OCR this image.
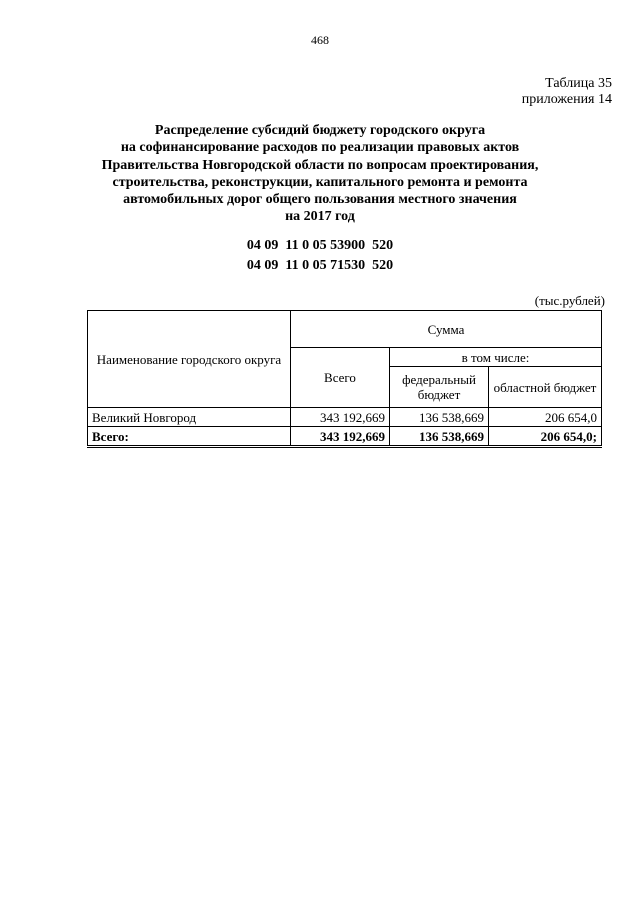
468
Таблица 35
приложения 14
Распределение субсидий бюджету городского округа
на софинансирование расходов по реализации правовых актов
Правительства Новгородской области по вопросам проектирования,
строительства, реконструкции, капитального ремонта и ремонта
автомобильных дорог общего пользования местного значения
на 2017 год
04 09  11 0 05 53900  520
04 09  11 0 05 71530  520
(тыс.рублей)
Наименование городского округа	Сумма		
	Всего	в том числе:	
		федеральный бюджет	областной бюджет
Великий Новгород	343 192,669	136 538,669	206 654,0
Всего:	343 192,669	136 538,669	206 654,0;
